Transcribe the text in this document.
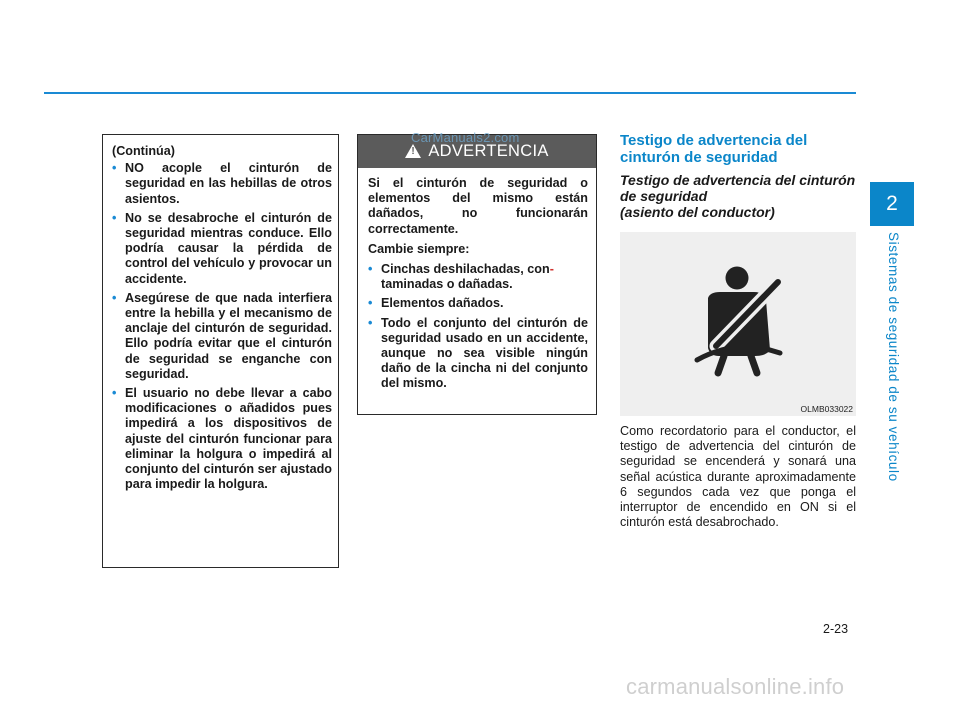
2
Sistemas de seguridad de su vehículo
(Continúa)
• NO acople el cinturón de seguridad en las hebillas de otros asientos.
• No se desabroche el cinturón de seguridad mientras conduce. Ello podría causar la pérdida de control del vehículo y provocar un accidente.
• Asegúrese de que nada interfiera entre la hebilla y el mecanismo de anclaje del cinturón de seguridad. Ello podría evitar que el cinturón de seguridad se enganche con seguridad.
• El usuario no debe llevar a cabo modificaciones o añadidos pues impedirá a los dispositivos de ajuste del cinturón funcionar para eliminar la holgura o impedirá al conjunto del cinturón ser ajustado para impedir la holgura.
! ADVERTENCIA

Si el cinturón de seguridad o elementos del mismo están dañados, no funcionarán correctamente.

Cambie siempre:

• Cinchas deshilachadas, con-
taminadas o dañadas.
• Elementos dañados.
• Todo el conjunto del cinturón de seguridad usado en un accidente, aunque no sea visible ningún daño de la cincha ni del conjunto del mismo.
CarManuals2.com	Testigo de advertencia del cinturón de seguridad
Testigo de advertencia del cinturón de seguridad
(asiento del conductor)
OLMB033022
Como recordatorio para el conductor, el testigo de advertencia del cinturón de seguridad se encenderá y sonará una señal acústica durante aproximadamente 6 segundos cada vez que ponga el interruptor de encendido en ON si el cinturón está desabrochado.
2-23
carmanualsonline.info
